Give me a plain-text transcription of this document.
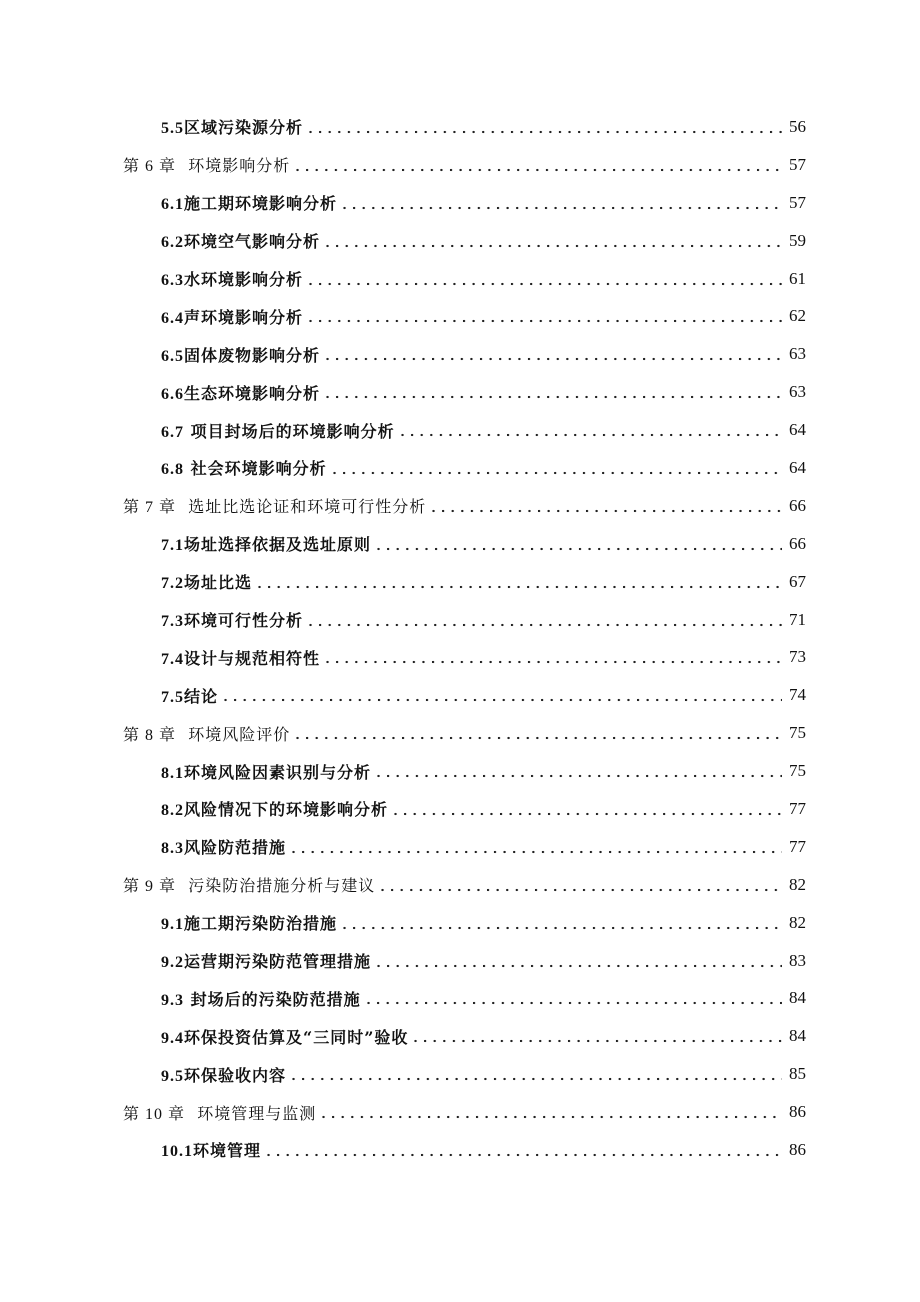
5.5区域污染源分析	56
第 6 章 环境影响分析	57
6.1施工期环境影响分析	57
6.2环境空气影响分析	59
6.3水环境影响分析	61
6.4声环境影响分析	62
6.5固体废物影响分析	63
6.6生态环境影响分析	63
6.7 项目封场后的环境影响分析	64
6.8 社会环境影响分析	64
第 7 章 选址比选论证和环境可行性分析	66
7.1场址选择依据及选址原则	66
7.2场址比选	67
7.3环境可行性分析	71
7.4设计与规范相符性	73
7.5结论	74
第 8 章 环境风险评价	75
8.1环境风险因素识别与分析	75
8.2风险情况下的环境影响分析	77
8.3风险防范措施	77
第 9 章 污染防治措施分析与建议	82
9.1施工期污染防治措施	82
9.2运营期污染防范管理措施	83
9.3 封场后的污染防范措施	84
9.4环保投资估算及“三同时”验收	84
9.5环保验收内容	85
第 10 章 环境管理与监测	86
10.1环境管理	86
